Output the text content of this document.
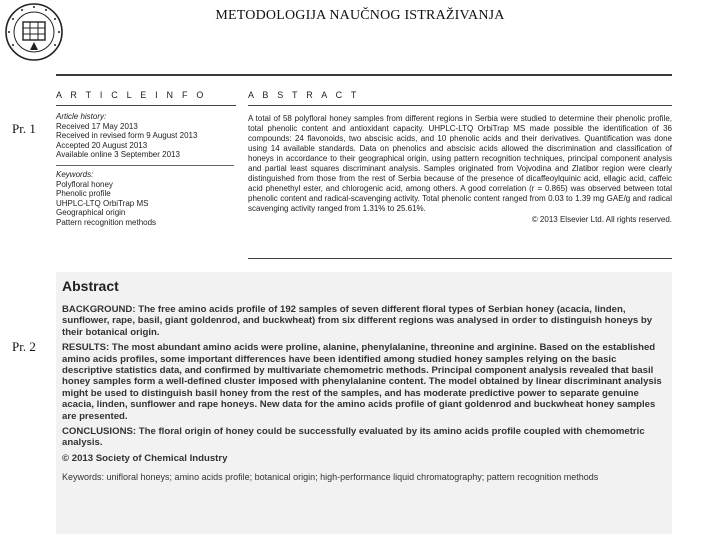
METODOLOGIJA NAUČNOG ISTRAŽIVANJA
Pr. 1
Pr. 2
A R T I C L E I N F O	A B S T R A C T
Article history:
Received 17 May 2013
Received in revised form 9 August 2013
Accepted 20 August 2013
Available online 3 September 2013
Keywords:
Polyfloral honey
Phenolic profile
UHPLC-LTQ OrbiTrap MS
Geographical origin
Pattern recognition methods
A total of 58 polyfloral honey samples from different regions in Serbia were studied to determine their phenolic profile, total phenolic content and antioxidant capacity. UHPLC-LTQ OrbiTrap MS made possible the identification of 36 compounds: 24 flavonoids, two abscisic acids, and 10 phenolic acids and their derivatives. Quantification was done using 14 available standards. Data on phenolics and abscisic acids allowed the discrimination and classification of honeys in accordance to their geographical origin, using pattern recognition techniques, principal component analysis and partial least squares discriminant analysis. Samples originated from Vojvodina and Zlatibor region were clearly distinguished from those from the rest of Serbia because of the presence of dicaffeoylquinic acid, ellagic acid, caffeic acid phenethyl ester, and chlorogenic acid, among others. A good correlation (r = 0.865) was observed between total phenolic content and radical-scavenging activity. Total phenolic content ranged from 0.03 to 1.39 mg GAE/g and radical scavenging activity ranged from 1.31% to 25.61%.
© 2013 Elsevier Ltd. All rights reserved.
Abstract

BACKGROUND: The free amino acids profile of 192 samples of seven different floral types of Serbian honey (acacia, linden, sunflower, rape, basil, giant goldenrod, and buckwheat) from six different regions was analysed in order to distinguish honeys by their botanical origin.

RESULTS: The most abundant amino acids were proline, alanine, phenylalanine, threonine and arginine. Based on the established amino acids profiles, some important differences have been identified among studied honey samples relying on the basic descriptive statistics data, and confirmed by multivariate chemometric methods. Principal component analysis revealed that basil honey samples form a well-defined cluster imposed with phenylalanine content. The model obtained by linear discriminant analysis might be used to distinguish basil honey from the rest of the samples, and has moderate predictive power to separate genuine acacia, linden, sunflower and rape honeys. New data for the amino acids profile of giant goldenrod and buckwheat honey samples are presented.

CONCLUSIONS: The floral origin of honey could be successfully evaluated by its amino acids profile coupled with chemometric analysis.

© 2013 Society of Chemical Industry

Keywords: unifloral honeys; amino acids profile; botanical origin; high-performance liquid chromatography; pattern recognition methods
